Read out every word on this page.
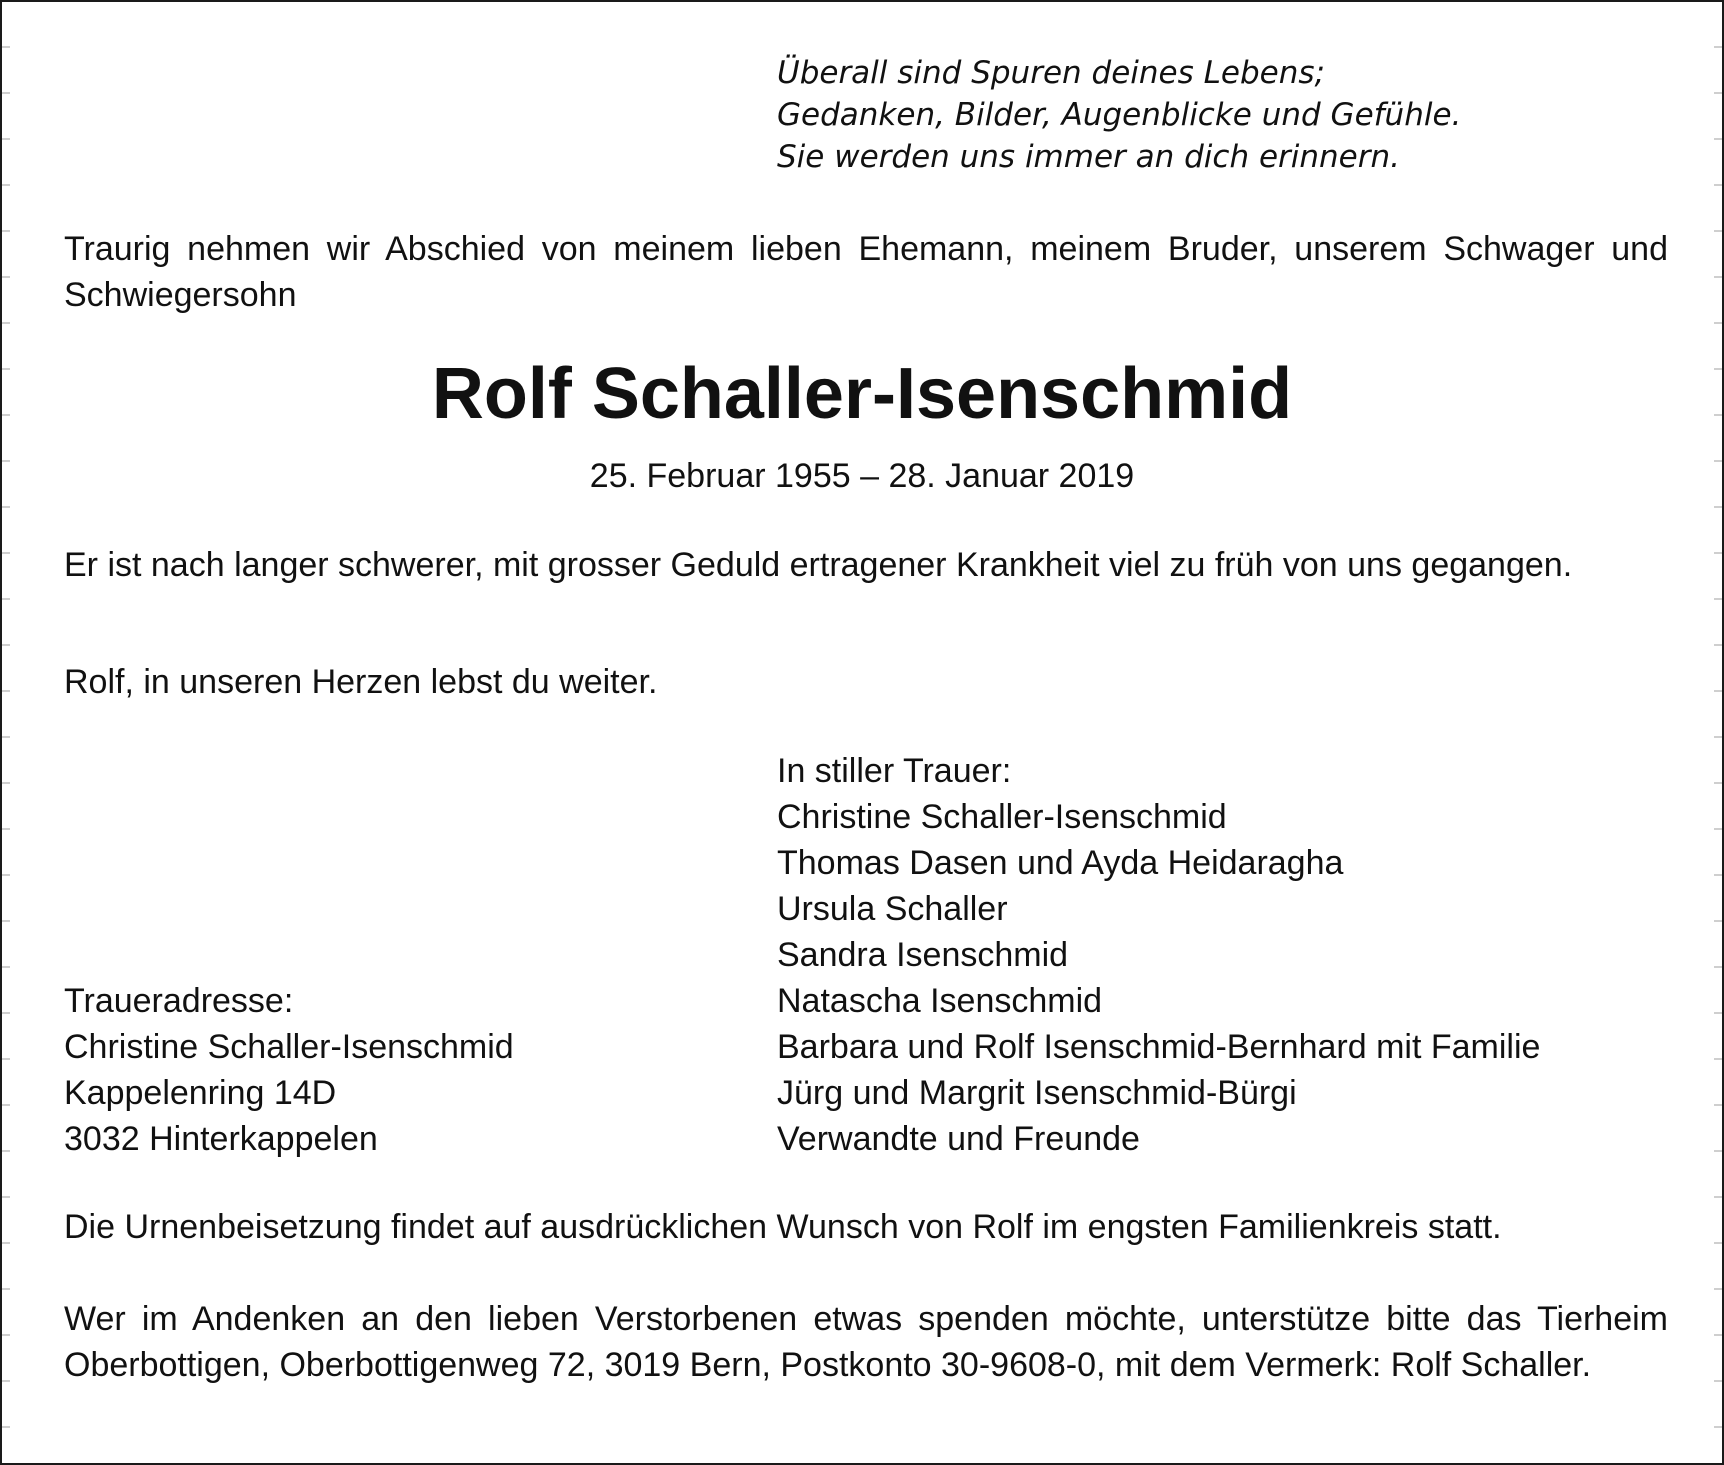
Überall sind Spuren deines Lebens;
Gedanken, Bilder, Augenblicke und Gefühle.
Sie werden uns immer an dich erinnern.
Traurig nehmen wir Abschied von meinem lieben Ehemann, meinem Bruder, unserem Schwager und Schwiegersohn
Rolf Schaller-Isenschmid
25. Februar 1955 – 28. Januar 2019
Er ist nach langer schwerer, mit grosser Geduld ertragener Krankheit viel zu früh von uns gegangen.
Rolf, in unseren Herzen lebst du weiter.
In stiller Trauer:
Christine Schaller-Isenschmid
Thomas Dasen und Ayda Heidaragha
Ursula Schaller
Sandra Isenschmid
Natascha Isenschmid
Barbara und Rolf Isenschmid-Bernhard mit Familie
Jürg und Margrit Isenschmid-Bürgi
Verwandte und Freunde
Traueradresse:
Christine Schaller-Isenschmid
Kappelenring 14D
3032 Hinterkappelen
Die Urnenbeisetzung findet auf ausdrücklichen Wunsch von Rolf im engsten Familienkreis statt.
Wer im Andenken an den lieben Verstorbenen etwas spenden möchte, unterstütze bitte das Tierheim Oberbottigen, Oberbottigenweg 72, 3019 Bern, Postkonto 30-9608-0, mit dem Vermerk: Rolf Schaller.
